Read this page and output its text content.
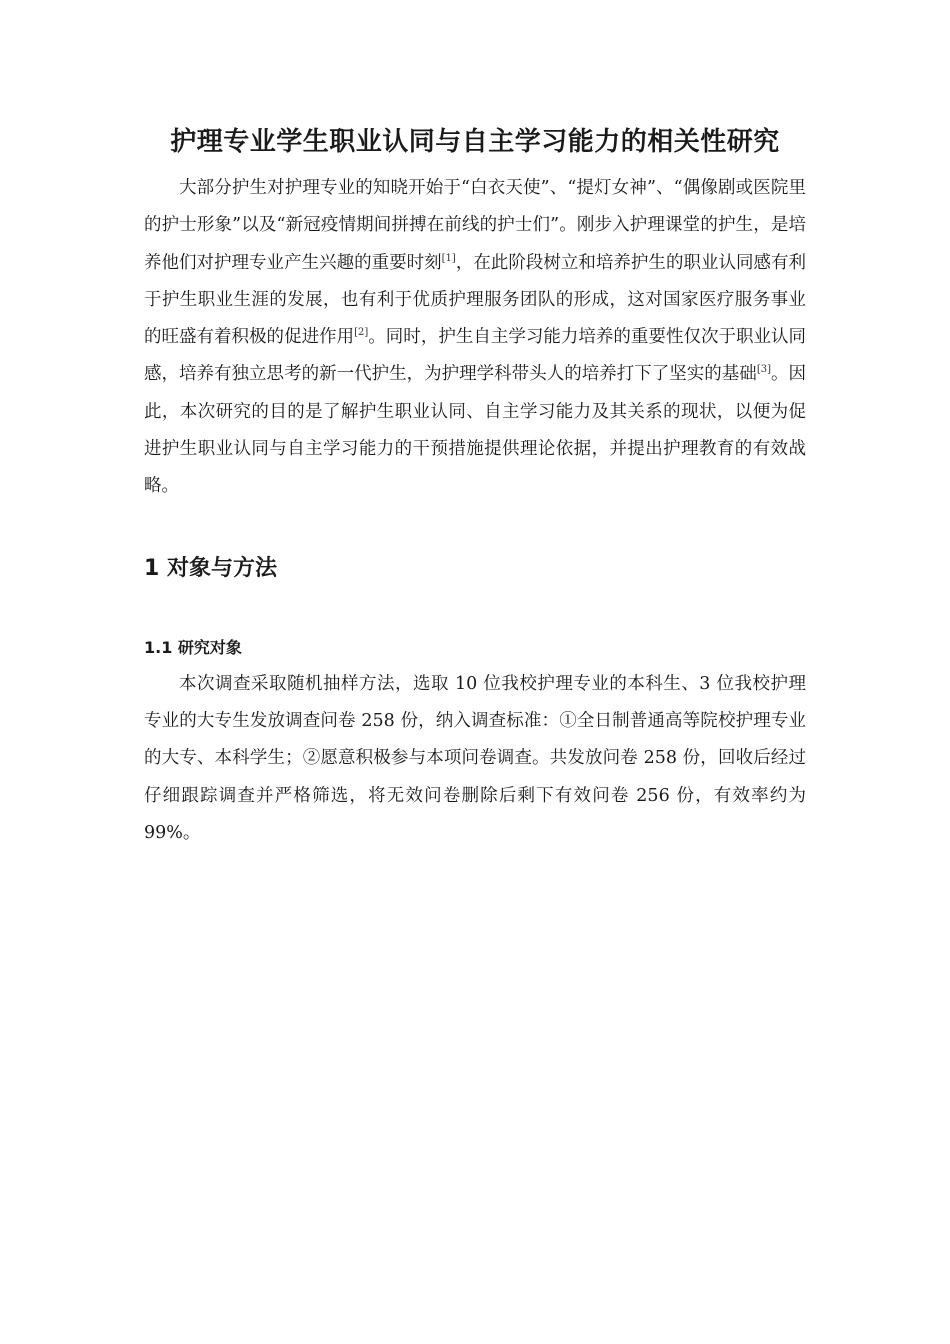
护理专业学生职业认同与自主学习能力的相关性研究

大部分护生对护理专业的知晓开始于“白衣天使”、“提灯女神”、“偶像剧或医院里的护士形象”以及“新冠疫情期间拼搏在前线的护士们”。刚步入护理课堂的护生，是培养他们对护理专业产生兴趣的重要时刻[1]，在此阶段树立和培养护生的职业认同感有利于护生职业生涯的发展，也有利于优质护理服务团队的形成，这对国家医疗服务事业的旺盛有着积极的促进作用[2]。同时，护生自主学习能力培养的重要性仅次于职业认同感，培养有独立思考的新一代护生，为护理学科带头人的培养打下了坚实的基础[3]。因此，本次研究的目的是了解护生职业认同、自主学习能力及其关系的现状，以便为促进护生职业认同与自主学习能力的干预措施提供理论依据，并提出护理教育的有效战略。

1 对象与方法
1.1 研究对象

本次调查采取随机抽样方法，选取 10 位我校护理专业的本科生、3 位我校护理专业的大专生发放调查问卷 258 份，纳入调查标准：①全日制普通高等院校护理专业的大专、本科学生；②愿意积极参与本项问卷调查。共发放问卷 258 份，回收后经过仔细跟踪调查并严格筛选，将无效问卷删除后剩下有效问卷 256 份，有效率约为 99%。
